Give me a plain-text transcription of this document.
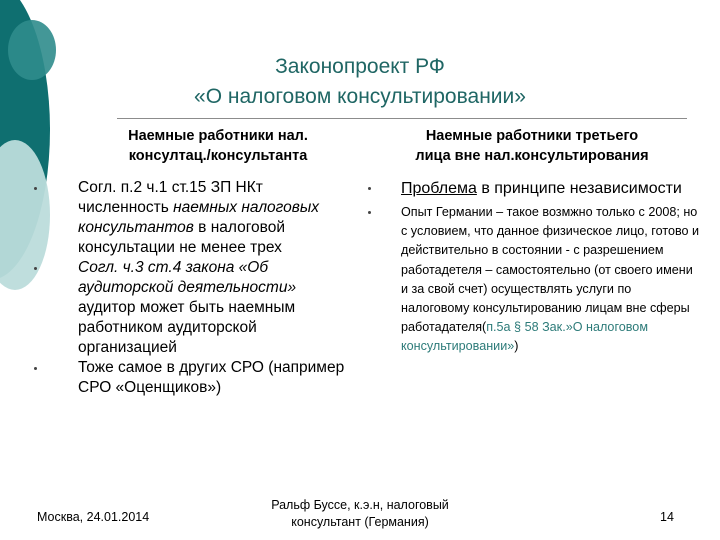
Законопроект РФ
«О налоговом консультировании»
Наемные работники нал.
консултац./консультанта
Наемные работники третьего
лица вне нал.консультирования
Согл. п.2 ч.1 ст.15 ЗП НКт численность наемных налоговых консультантов в налоговой консультации не менее трех
Согл. ч.3 ст.4 закона «Об аудиторской деятельности» аудитор может быть наемным работником аудиторской организацией
Тоже самое в других СРО (например СРО «Оценщиков»)
Проблема в принципе независимости
Опыт Германии – такое возмжно только с 2008; но с условием, что данное физическое лицо, готово и действительно в состоянии - с разрешением работадетеля – самостоятельно (от своего имени и за свой счет) осуществлять услуги по налоговому консультированию лицам вне сферы работадателя(п.5а § 58 Зак.»О налоговом консультировании»)
Москва, 24.01.2014
Ральф Буссе, к.э.н, налоговый
консультант (Германия)	14
